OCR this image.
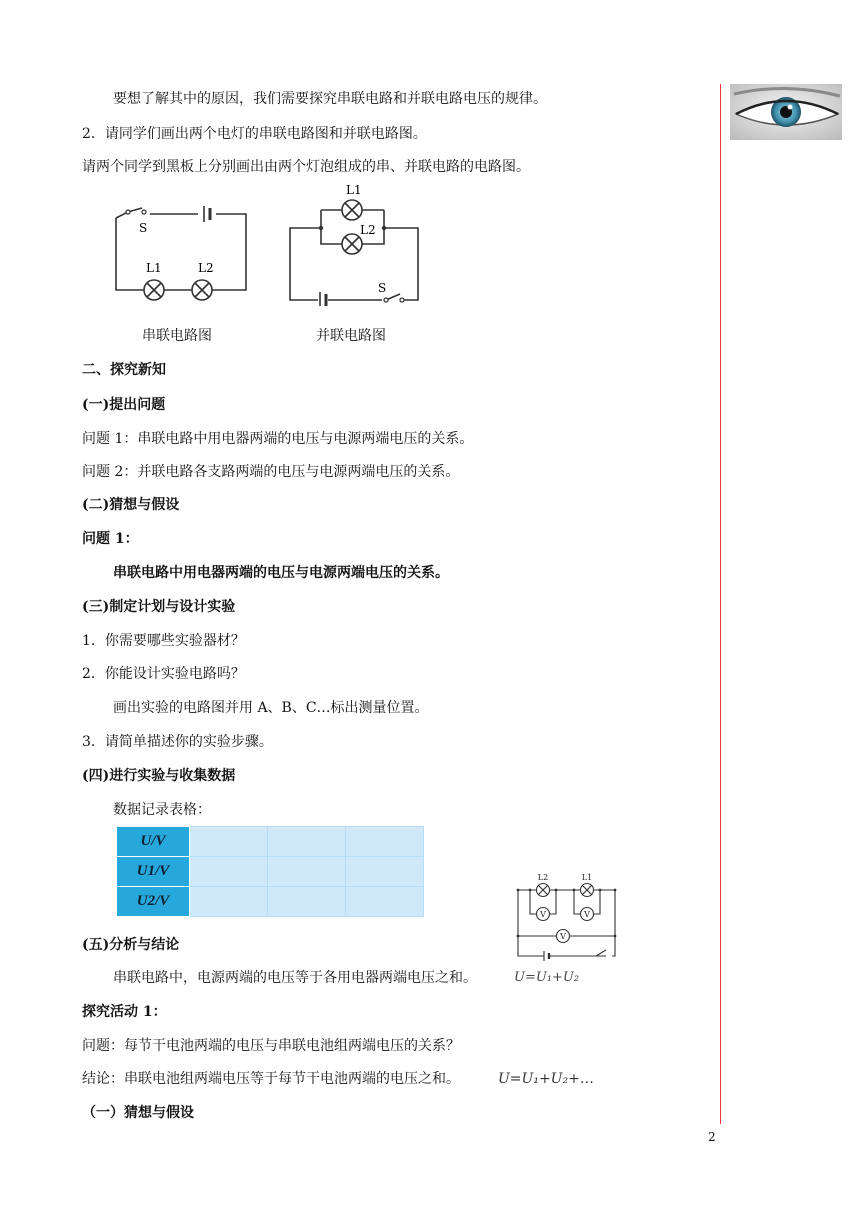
要想了解其中的原因，我们需要探究串联电路和并联电路电压的规律。
2．请同学们画出两个电灯的串联电路图和并联电路图。
请两个同学到黑板上分别画出由两个灯泡组成的串、并联电路的电路图。
S
L1	L2
L1
L2
S
串联电路图	并联电路图
二、探究新知
(一)提出问题
问题 1：串联电路中用电器两端的电压与电源两端电压的关系。
问题 2：并联电路各支路两端的电压与电源两端电压的关系。
(二)猜想与假设
问题 1：
串联电路中用电器两端的电压与电源两端电压的关系。
(三)制定计划与设计实验
1．你需要哪些实验器材？
2．你能设计实验电路吗？
画出实验的电路图并用 A、B、C…标出测量位置。
3．请简单描述你的实验步骤。
(四)进行实验与收集数据
数据记录表格：
U/V			
U1/V			
U2/V			
V	V
V
L2	L1
(五)分析与结论
串联电路中，电源两端的电压等于各用电器两端电压之和。	U=U₁+U₂
探究活动 1：
问题：每节干电池两端的电压与串联电池组两端电压的关系？
结论：串联电池组两端电压等于每节干电池两端的电压之和。	U=U₁+U₂+…
（一）猜想与假设
2
